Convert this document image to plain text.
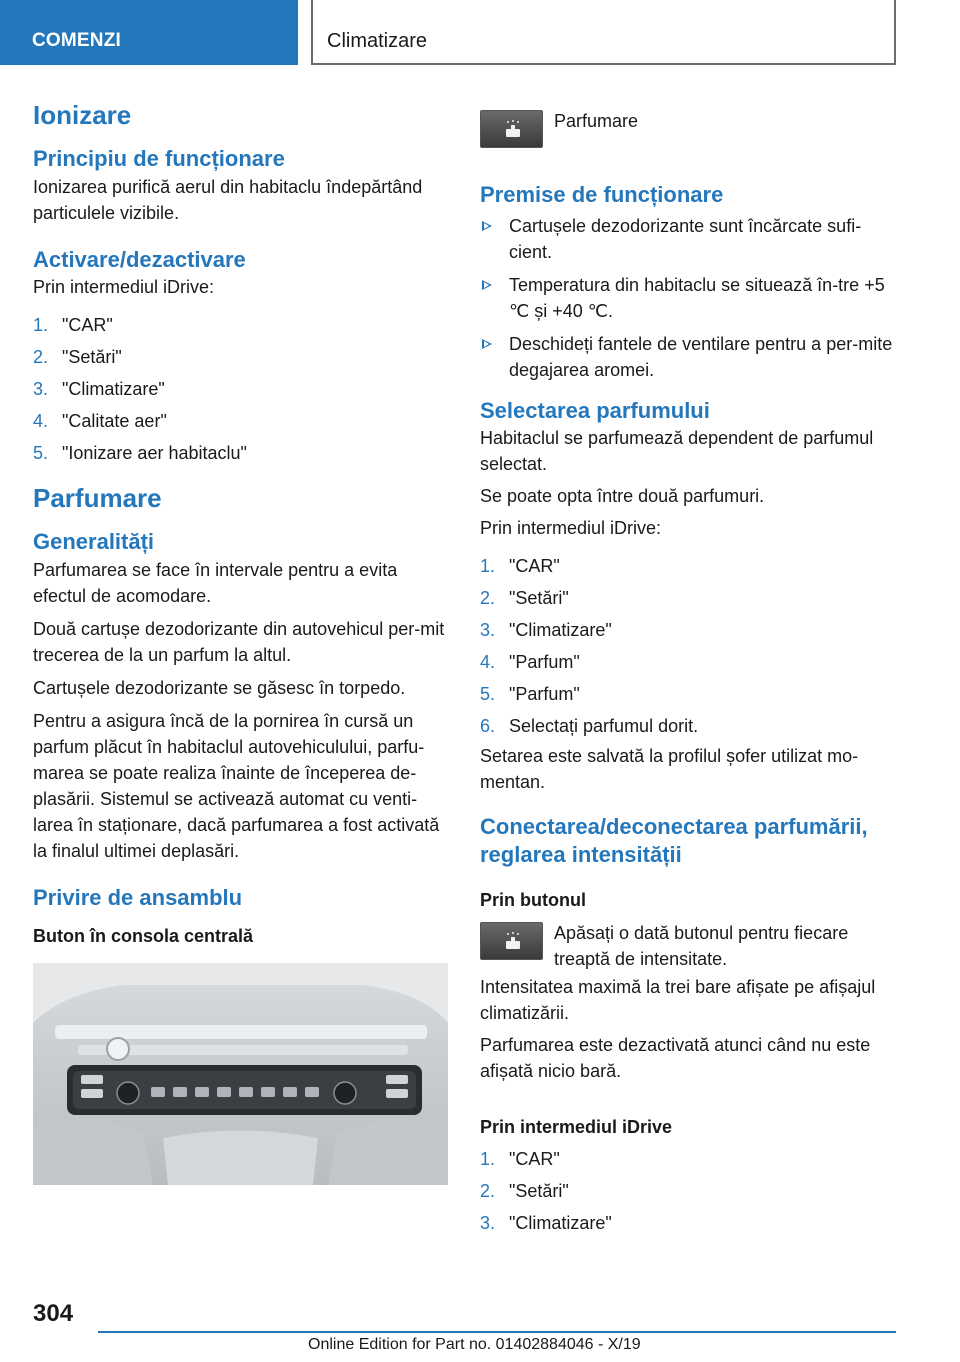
COMENZI	Climatizare
Ionizare
Principiu de funcționare
Ionizarea purifică aerul din habitaclu îndepărtând particulele vizibile.
Activare/dezactivare
Prin intermediul iDrive:
1. "CAR"
2. "Setări"
3. "Climatizare"
4. "Calitate aer"
5. "Ionizare aer habitaclu"
Parfumare
Generalități
Parfumarea se face în intervale pentru a evita efectul de acomodare.
Două cartușe dezodorizante din autovehicul per-mit trecerea de la un parfum la altul.
Cartușele dezodorizante se găsesc în torpedo.
Pentru a asigura încă de la pornirea în cursă un parfum plăcut în habitaclul autovehiculului, parfu-marea se poate realiza înainte de începerea de-plasării. Sistemul se activează automat cu venti-larea în staționare, dacă parfumarea a fost activată la finalul ultimei deplasări.
Privire de ansamblu
Buton în consola centrală
Parfumare
Premise de funcționare
Cartușele dezodorizante sunt încărcate sufi-cient.
Temperatura din habitaclu se situează în-tre +5 ℃ și +40 ℃.
Deschideți fantele de ventilare pentru a per-mite degajarea aromei.
Selectarea parfumului
Habitaclul se parfumează dependent de parfumul selectat.
Se poate opta între două parfumuri.
Prin intermediul iDrive:
1. "CAR"
2. "Setări"
3. "Climatizare"
4. "Parfum"
5. "Parfum"
6. Selectați parfumul dorit.
Setarea este salvată la profilul șofer utilizat mo-mentan.
Conectarea/deconectarea parfumării, reglarea intensității
Prin butonul
Apăsați o dată butonul pentru fiecare treaptă de intensitate.
Intensitatea maximă la trei bare afișate pe afișajul climatizării.
Parfumarea este dezactivată atunci când nu este afișată nicio bară.
Prin intermediul iDrive
1. "CAR"
2. "Setări"
3. "Climatizare"
304
Online Edition for Part no. 01402884046 - X/19
